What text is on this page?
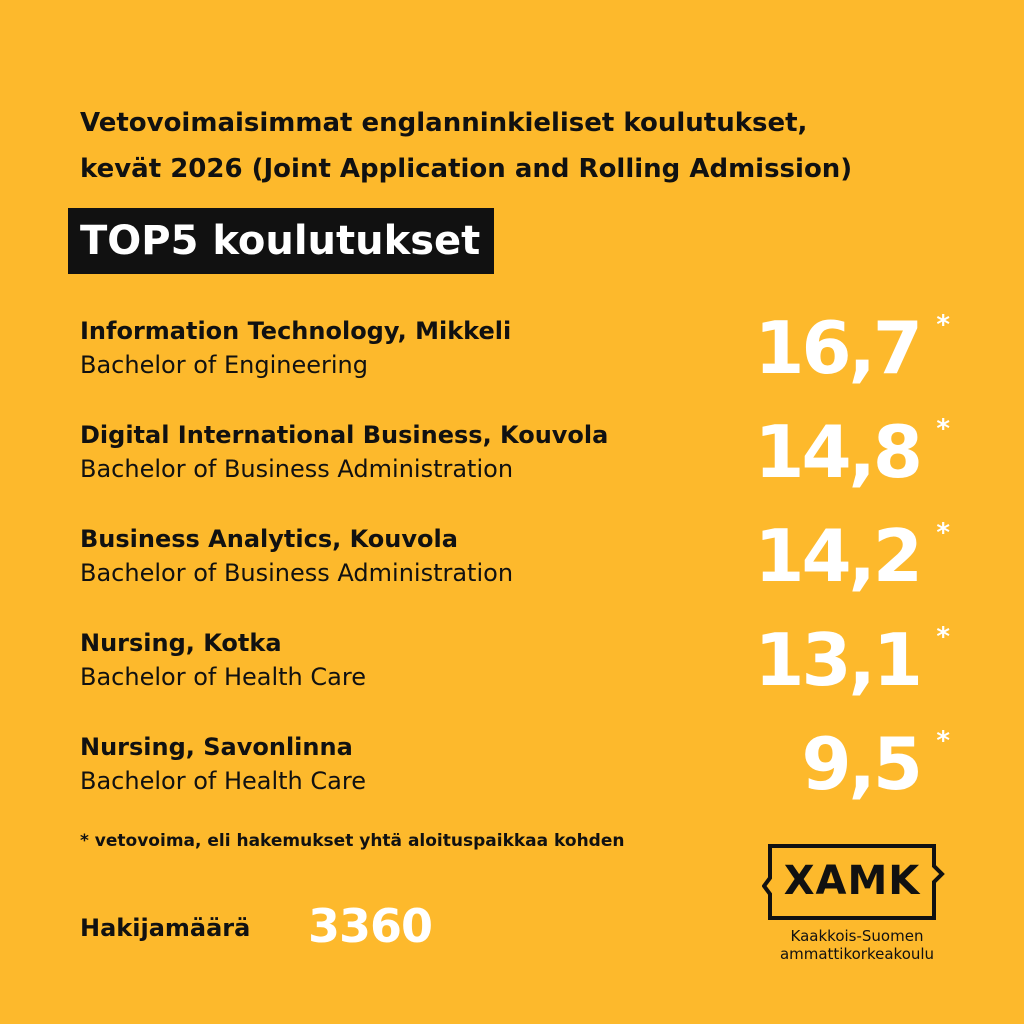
Vetovoimaisimmat englanninkieliset koulutukset,
kevät 2026 (Joint Application and Rolling Admission)
TOP5 koulutukset
Information Technology, Mikkeli
Bachelor of Engineering	16,7 *
Digital International Business, Kouvola
Bachelor of Business Administration	14,8 *
Business Analytics, Kouvola
Bachelor of Business Administration	14,2 *
Nursing, Kotka
Bachelor of Health Care	13,1 *
Nursing, Savonlinna
Bachelor of Health Care	9,5 *
* vetovoima, eli hakemukset yhtä aloituspaikkaa kohden
Hakijamäärä 3360
XAMK
Kaakkois-Suomen
ammattikorkeakoulu
